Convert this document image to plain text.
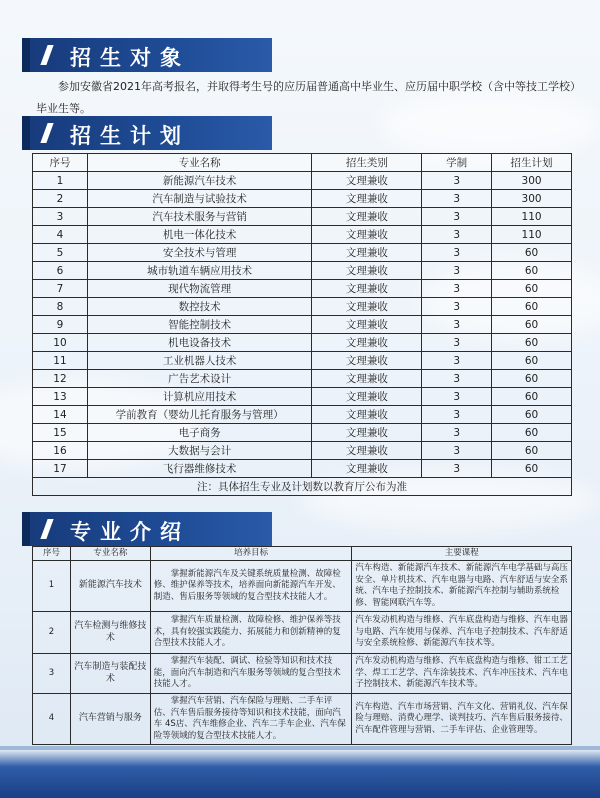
招生对象

参加安徽省2021年高考报名，并取得考生号的应历届普通高中毕业生、应历届中职学校（含中等技工学校）毕业生等。

招生计划
序号	专业名称	招生类别	学制	招生计划
1	新能源汽车技术	文理兼收	3	300
2	汽车制造与试验技术	文理兼收	3	300
3	汽车技术服务与营销	文理兼收	3	110
4	机电一体化技术	文理兼收	3	110
5	安全技术与管理	文理兼收	3	60
6	城市轨道车辆应用技术	文理兼收	3	60
7	现代物流管理	文理兼收	3	60
8	数控技术	文理兼收	3	60
9	智能控制技术	文理兼收	3	60
10	机电设备技术	文理兼收	3	60
11	工业机器人技术	文理兼收	3	60
12	广告艺术设计	文理兼收	3	60
13	计算机应用技术	文理兼收	3	60
14	学前教育（婴幼儿托育服务与管理）	文理兼收	3	60
15	电子商务	文理兼收	3	60
16	大数据与会计	文理兼收	3	60
17	飞行器维修技术	文理兼收	3	60
注：具体招生专业及计划数以教育厅公布为准				
专业介绍
序号	专业名称	培养目标	主要课程
1	新能源汽车技术	掌握新能源汽车及关键系统质量检测、故障检修、维护保养等技术，培养面向新能源汽车开发、制造、售后服务等领域的复合型技术技能人才。	汽车构造、新能源汽车技术、新能源汽车电学基础与高压安全、单片机技术、汽车电器与电路、汽车舒适与安全系统、汽车电子控制技术、新能源汽车控制与辅助系统检修、智能网联汽车等。
2	汽车检测与维修技术	掌握汽车质量检测、故障检修、维护保养等技术，具有较强实践能力、拓展能力和创新精神的复合型技术技能人才。	汽车发动机构造与维修、汽车底盘构造与维修、汽车电器与电路、汽车使用与保养、汽车电子控制技术、汽车舒适与安全系统检修、新能源汽车技术等。
3	汽车制造与装配技术	掌握汽车装配、调试、检验等知识和技术技能，面向汽车制造和汽车服务等领域的复合型技术技能人才。	汽车发动机构造与维修、汽车底盘构造与维修、钳工工艺学、焊工工艺学、汽车涂装技术、汽车冲压技术、汽车电子控制技术、新能源汽车技术等。
4	汽车营销与服务	掌握汽车营销、汽车保险与理赔、二手车评估、汽车售后服务接待等知识和技术技能，面向汽车 4S店、汽车维修企业、汽车二手车企业、汽车保险等领域的复合型技术技能人才。	汽车构造、汽车市场营销、汽车文化、营销礼仪、汽车保险与理赔、消费心理学、谈判技巧、汽车售后服务接待、汽车配件管理与营销、二手车评估、企业管理等。
